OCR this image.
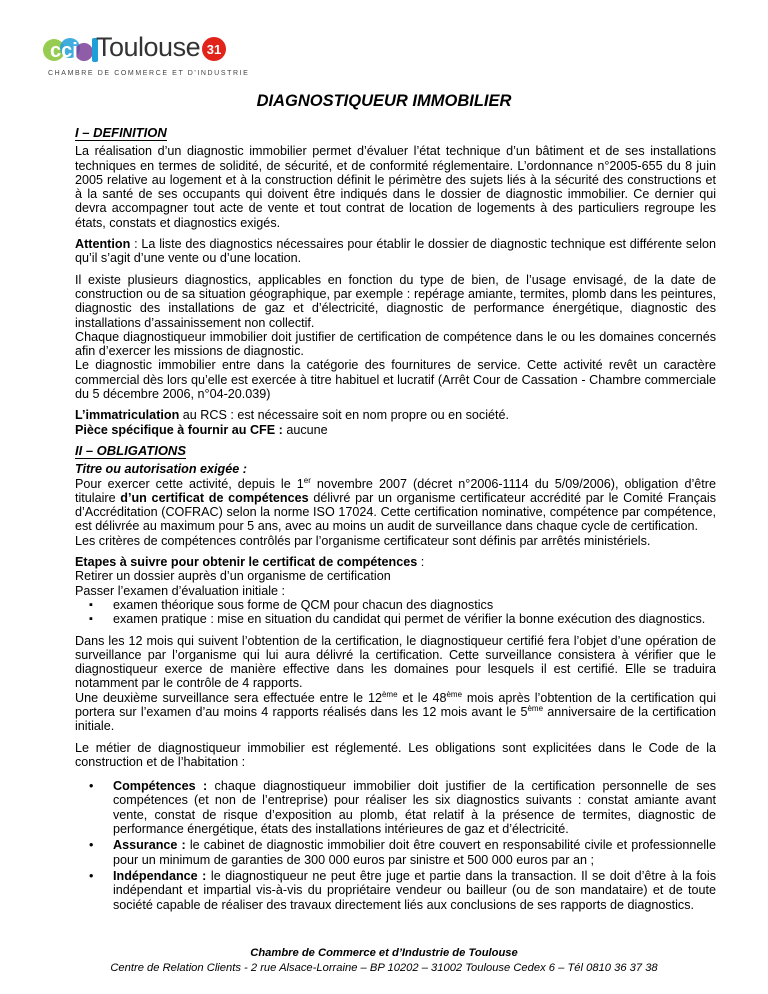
cci Toulouse 31
CHAMBRE DE COMMERCE ET D'INDUSTRIE
DIAGNOSTIQUEUR IMMOBILIER
I – DEFINITION

La réalisation d’un diagnostic immobilier permet d’évaluer l’état technique d’un bâtiment et de ses installations techniques en termes de solidité, de sécurité, et de conformité réglementaire. L’ordonnance n°2005-655 du 8 juin 2005 relative au logement et à la construction définit le périmètre des sujets liés à la sécurité des constructions et à la santé de ses occupants qui doivent être indiqués dans le dossier de diagnostic immobilier. Ce dernier qui devra accompagner tout acte de vente et tout contrat de location de logements à des particuliers regroupe les états, constats et diagnostics exigés.

Attention : La liste des diagnostics nécessaires pour établir le dossier de diagnostic technique est différente selon qu’il s’agit d’une vente ou d’une location.

Il existe plusieurs diagnostics, applicables en fonction du type de bien, de l’usage envisagé, de la date de construction ou de sa situation géographique, par exemple : repérage amiante, termites, plomb dans les peintures, diagnostic des installations de gaz et d’électricité, diagnostic de performance énergétique, diagnostic des installations d’assainissement non collectif.

Chaque diagnostiqueur immobilier doit justifier de certification de compétence dans le ou les domaines concernés afin d’exercer les missions de diagnostic.

Le diagnostic immobilier entre dans la catégorie des fournitures de service. Cette activité revêt un caractère commercial dès lors qu’elle est exercée à titre habituel et lucratif (Arrêt Cour de Cassation - Chambre commerciale du 5 décembre 2006, n°04-20.039)

L’immatriculation au RCS : est nécessaire soit en nom propre ou en société.

Pièce spécifique à fournir au CFE : aucune

II – OBLIGATIONS
Titre ou autorisation exigée :

Pour exercer cette activité, depuis le 1er novembre 2007 (décret n°2006-1114 du 5/09/2006), obligation d’être titulaire d’un certificat de compétences délivré par un organisme certificateur accrédité par le Comité Français d’Accréditation (COFRAC) selon la norme ISO 17024. Cette certification nominative, compétence par compétence, est délivrée au maximum pour 5 ans, avec au moins un audit de surveillance dans chaque cycle de certification.

Les critères de compétences contrôlés par l’organisme certificateur sont définis par arrêtés ministériels.

Etapes à suivre pour obtenir le certificat de compétences :
Retirer un dossier auprès d’un organisme de certification
Passer l’examen d’évaluation initiale :
▪ examen théorique sous forme de QCM pour chacun des diagnostics
▪ examen pratique : mise en situation du candidat qui permet de vérifier la bonne exécution des diagnostics.

Dans les 12 mois qui suivent l’obtention de la certification, le diagnostiqueur certifié fera l’objet d’une opération de surveillance par l’organisme qui lui aura délivré la certification. Cette surveillance consistera à vérifier que le diagnostiqueur exerce de manière effective dans les domaines pour lesquels il est certifié. Elle se traduira notamment par le contrôle de 4 rapports.

Une deuxième surveillance sera effectuée entre le 12ème et le 48ème mois après l’obtention de la certification qui portera sur l’examen d’au moins 4 rapports réalisés dans les 12 mois avant le 5ème anniversaire de la certification initiale.

Le métier de diagnostiqueur immobilier est réglementé. Les obligations sont explicitées dans le Code de la construction et de l’habitation :

• Compétences : chaque diagnostiqueur immobilier doit justifier de la certification personnelle de ses compétences (et non de l’entreprise) pour réaliser les six diagnostics suivants : constat amiante avant vente, constat de risque d’exposition au plomb, état relatif à la présence de termites, diagnostic de performance énergétique, états des installations intérieures de gaz et d’électricité.
• Assurance : le cabinet de diagnostic immobilier doit être couvert en responsabilité civile et professionnelle pour un minimum de garanties de 300 000 euros par sinistre et 500 000 euros par an ;
• Indépendance : le diagnostiqueur ne peut être juge et partie dans la transaction. Il se doit d’être à la fois indépendant et impartial vis-à-vis du propriétaire vendeur ou bailleur (ou de son mandataire) et de toute société capable de réaliser des travaux directement liés aux conclusions de ses rapports de diagnostics.
Chambre de Commerce et d’Industrie de Toulouse
Centre de Relation Clients - 2 rue Alsace-Lorraine – BP 10202 – 31002 Toulouse Cedex 6 – Tél 0810 36 37 38
